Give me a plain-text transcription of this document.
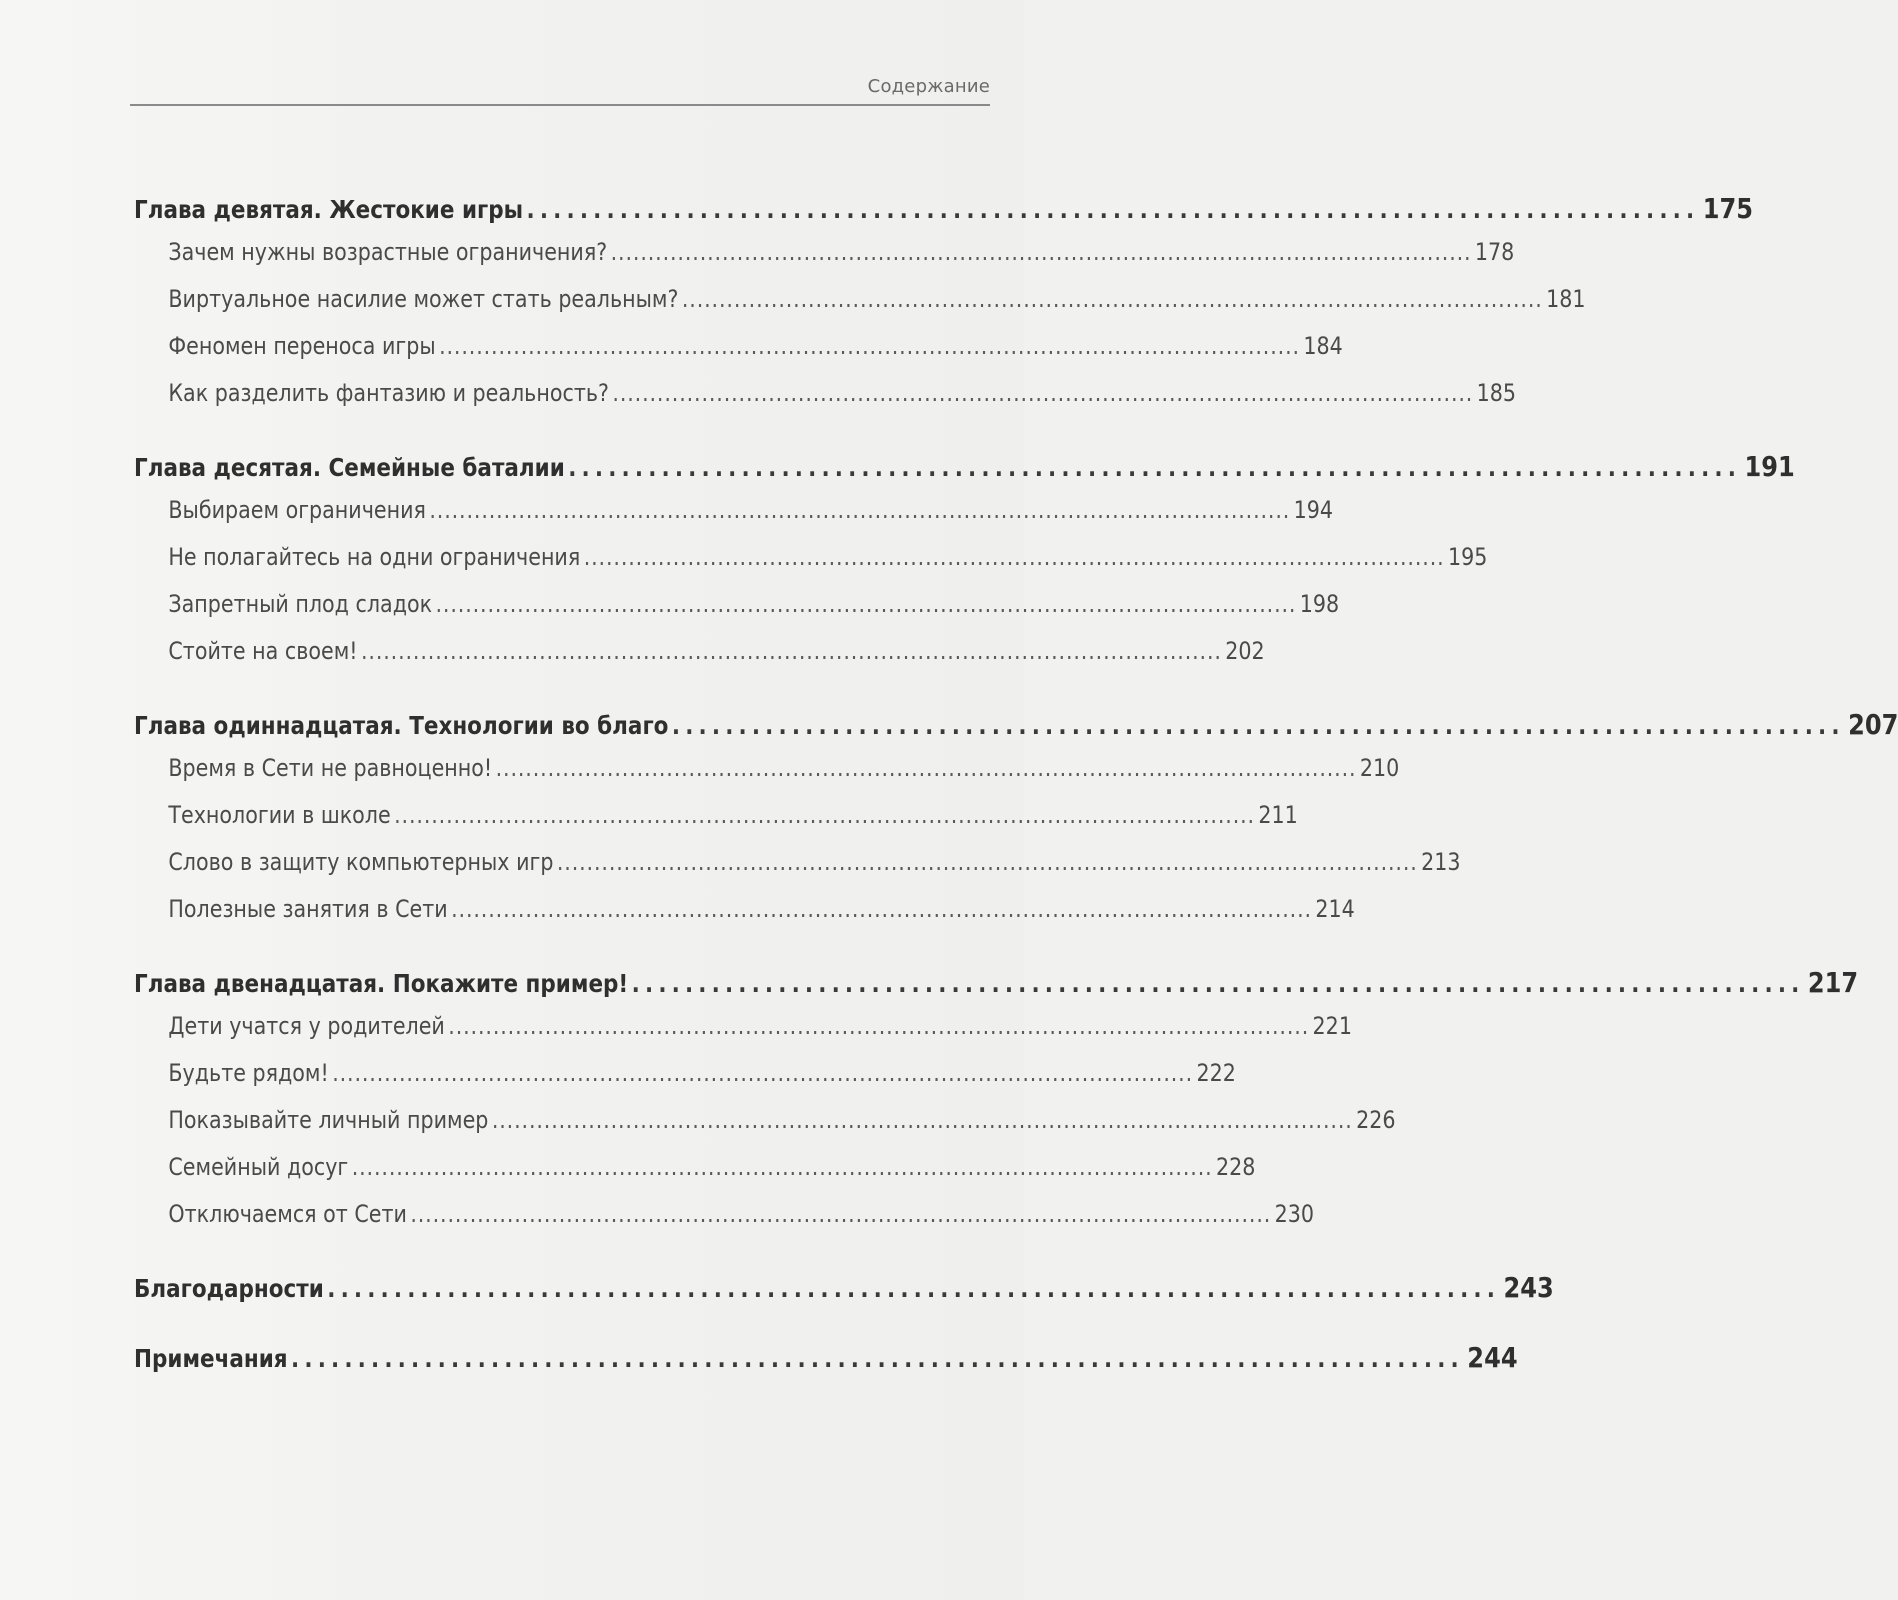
Содержание
Глава девятая. Жестокие игры ........................................................................................ 175
Зачем нужны возрастные ограничения? .................................................................................................................... 178
Виртуальное насилие может стать реальным? .................................................................................................................... 181
Феномен переноса игры .................................................................................................................... 184
Как разделить фантазию и реальность? .................................................................................................................... 185
Глава десятая. Семейные баталии ........................................................................................ 191
Выбираем ограничения .................................................................................................................... 194
Не полагайтесь на одни ограничения .................................................................................................................... 195
Запретный плод сладок .................................................................................................................... 198
Стойте на своем! .................................................................................................................... 202
Глава одиннадцатая. Технологии во благо ........................................................................................ 207
Время в Сети не равноценно! .................................................................................................................... 210
Технологии в школе .................................................................................................................... 211
Слово в защиту компьютерных игр .................................................................................................................... 213
Полезные занятия в Сети .................................................................................................................... 214
Глава двенадцатая. Покажите пример! ........................................................................................ 217
Дети учатся у родителей .................................................................................................................... 221
Будьте рядом! .................................................................................................................... 222
Показывайте личный пример .................................................................................................................... 226
Семейный досуг .................................................................................................................... 228
Отключаемся от Сети .................................................................................................................... 230
Благодарности ........................................................................................ 243
Примечания ........................................................................................ 244
